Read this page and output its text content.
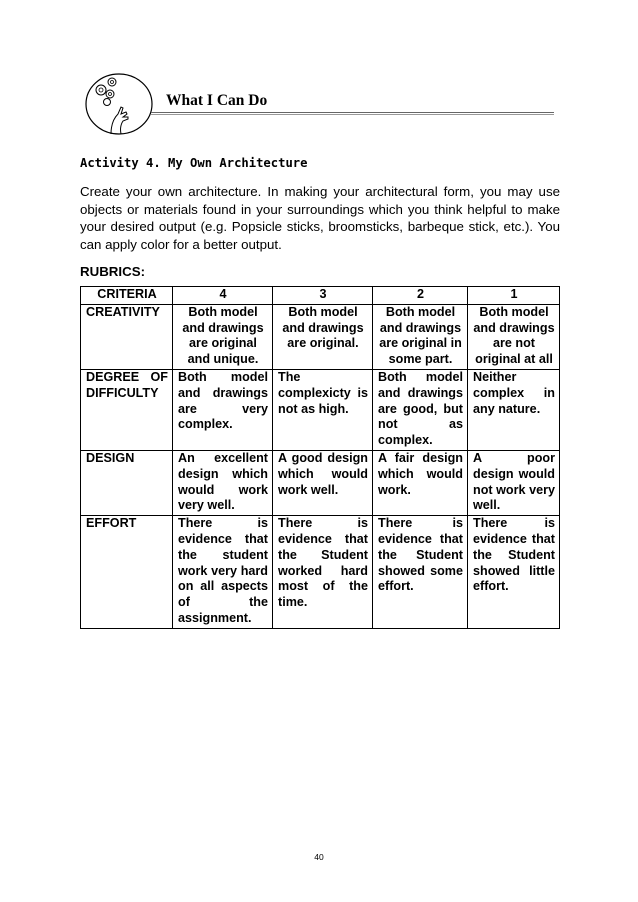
What I Can Do
Activity 4. My Own Architecture

Create your own architecture. In making your architectural form, you may use objects or materials found in your surroundings which you think helpful to make your desired output (e.g. Popsicle sticks, broomsticks, barbeque stick, etc.). You can apply color for a better output.

RUBRICS:
CRITERIA	4	3	2	1
CREATIVITY	Both model and drawings are original and unique.	Both model and drawings are original.	Both model and drawings are original in some part.	Both model and drawings are not original at all
DEGREE OF DIFFICULTY	Both model and drawings are very complex.	The complexicty is not as high.	Both model and drawings are good, but not as complex.	Neither complex in any nature.
DESIGN	An excellent design which would work very well.	A good design which would work well.	A fair design which would work.	A poor design would not work very well.
EFFORT	There is evidence that the student work very hard on all aspects of the assignment.	There is evidence that the Student worked hard most of the time.	There is evidence that the Student showed some effort.	There is evidence that the Student showed little effort.
40
